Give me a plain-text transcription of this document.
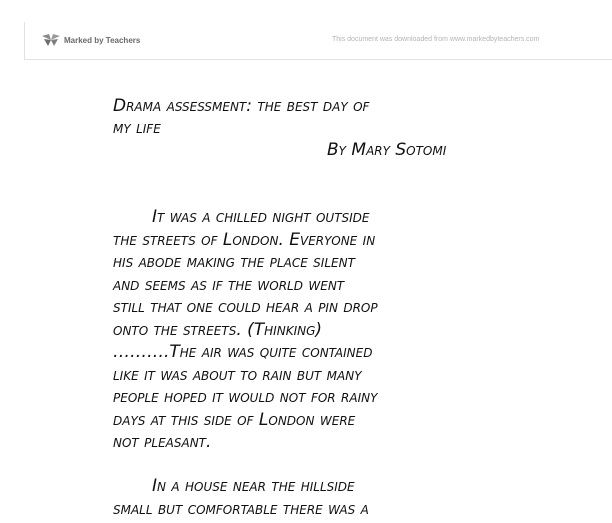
Marked by Teachers	This document was downloaded from www.markedbyteachers.com
Drama assessment: the best day of
my life
By Mary Sotomi
It was a chilled night outside
the streets of London. Everyone in
his abode making the place silent
and seems as if the world went
still that one could hear a pin drop
onto the streets. (Thinking)
……….The air was quite contained
like it was about to rain but many
people hoped it would not for rainy
days at this side of London were
not pleasant.
In a house near the hillside
small but comfortable there was a
